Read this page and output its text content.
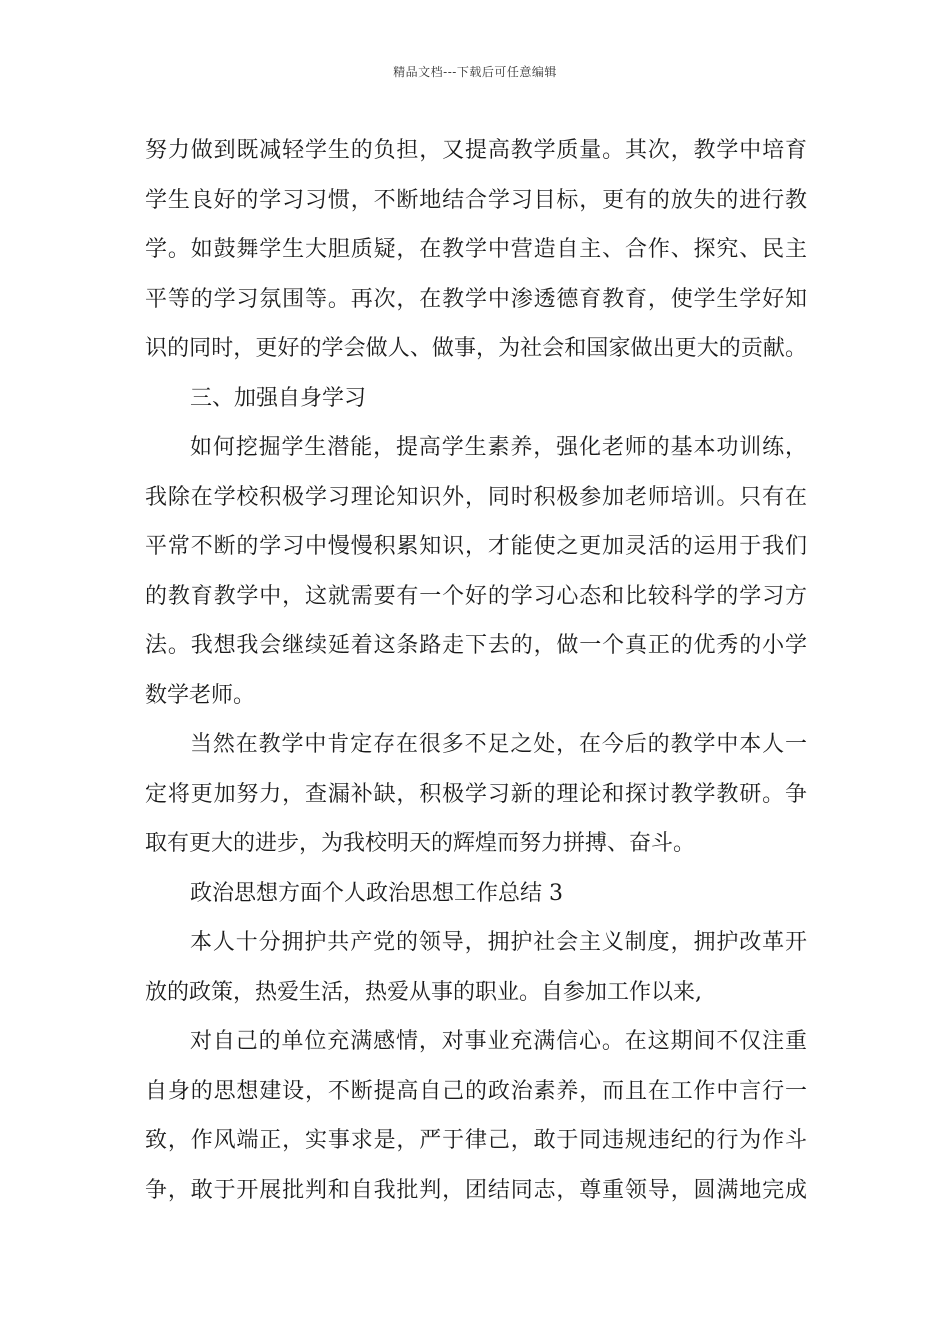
精品文档---下载后可任意编辑
努力做到既减轻学生的负担，又提高教学质量。其次，教学中培育
学生良好的学习习惯，不断地结合学习目标，更有的放失的进行教
学。如鼓舞学生大胆质疑，在教学中营造自主、合作、探究、民主
平等的学习氛围等。再次，在教学中渗透德育教育，使学生学好知
识的同时，更好的学会做人、做事，为社会和国家做出更大的贡献。
三、加强自身学习
如何挖掘学生潜能，提高学生素养，强化老师的基本功训练，
我除在学校积极学习理论知识外，同时积极参加老师培训。只有在
平常不断的学习中慢慢积累知识，才能使之更加灵活的运用于我们
的教育教学中，这就需要有一个好的学习心态和比较科学的学习方
法。我想我会继续延着这条路走下去的，做一个真正的优秀的小学
数学老师。
当然在教学中肯定存在很多不足之处，在今后的教学中本人一
定将更加努力，查漏补缺，积极学习新的理论和探讨教学教研。争
取有更大的进步，为我校明天的辉煌而努力拼搏、奋斗。
政治思想方面个人政治思想工作总结 3
本人十分拥护共产党的领导，拥护社会主义制度，拥护改革开
放的政策，热爱生活，热爱从事的职业。自参加工作以来,
对自己的单位充满感情，对事业充满信心。在这期间不仅注重
自身的思想建设，不断提高自己的政治素养，而且在工作中言行一
致，作风端正，实事求是，严于律己，敢于同违规违纪的行为作斗
争，敢于开展批判和自我批判，团结同志，尊重领导，圆满地完成
